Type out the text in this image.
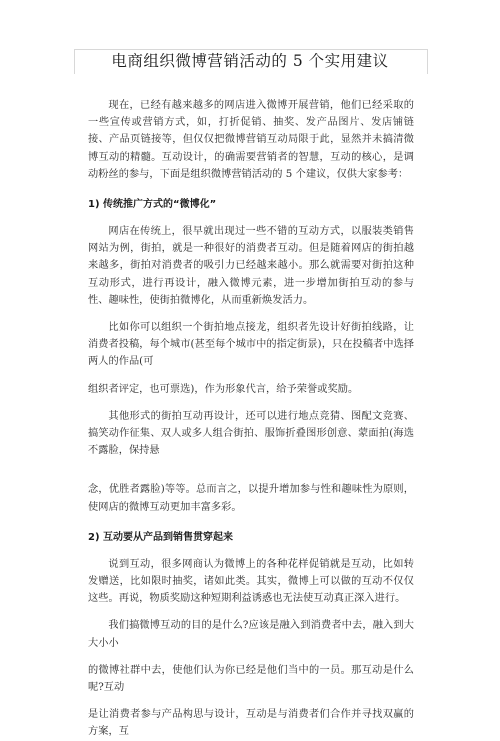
电商组织微博营销活动的 5 个实用建议

现在，已经有越来越多的网店进入微博开展营销，他们已经采取的一些宣传或营销方式，如，打折促销、抽奖、发产品图片、发店铺链接、产品页链接等，但仅仅把微博营销互动局限于此，显然并未搞清微博互动的精髓。互动设计，的确需要营销者的智慧，互动的核心，是调动粉丝的参与，下面是组织微博营销活动的 5 个建议，仅供大家参考：

1) 传统推广方式的“微博化”

网店在传统上，很早就出现过一些不错的互动方式，以服装类销售网站为例，街拍，就是一种很好的消费者互动。但是随着网店的街拍越来越多，街拍对消费者的吸引力已经越来越小。那么就需要对街拍这种互动形式，进行再设计，融入微博元素，进一步增加街拍互动的参与性、趣味性，使街拍微博化，从而重新焕发活力。

比如你可以组织一个街拍地点接龙，组织者先设计好街拍线路，让消费者投稿，每个城市(甚至每个城市中的指定街景)，只在投稿者中选择两人的作品(可

组织者评定，也可票选)，作为形象代言，给予荣誉或奖励。

其他形式的街拍互动再设计，还可以进行地点竞猜、图配文竞赛、搞笑动作征集、双人或多人组合街拍、服饰折叠图形创意、蒙面拍(海选不露脸，保持悬

念，优胜者露脸)等等。总而言之，以提升增加参与性和趣味性为原则，使网店的微博互动更加丰富多彩。

2) 互动要从产品到销售贯穿起来

说到互动，很多网商认为微博上的各种花样促销就是互动，比如转发赠送，比如限时抽奖，诸如此类。其实，微博上可以做的互动不仅仅这些。再说，物质奖励这种短期利益诱惑也无法使互动真正深入进行。

我们搞微博互动的目的是什么?应该是融入到消费者中去，融入到大大小小

的微博社群中去，使他们认为你已经是他们当中的一员。那互动是什么呢?互动

是让消费者参与产品构思与设计，互动是与消费者们合作并寻找双赢的方案，互
